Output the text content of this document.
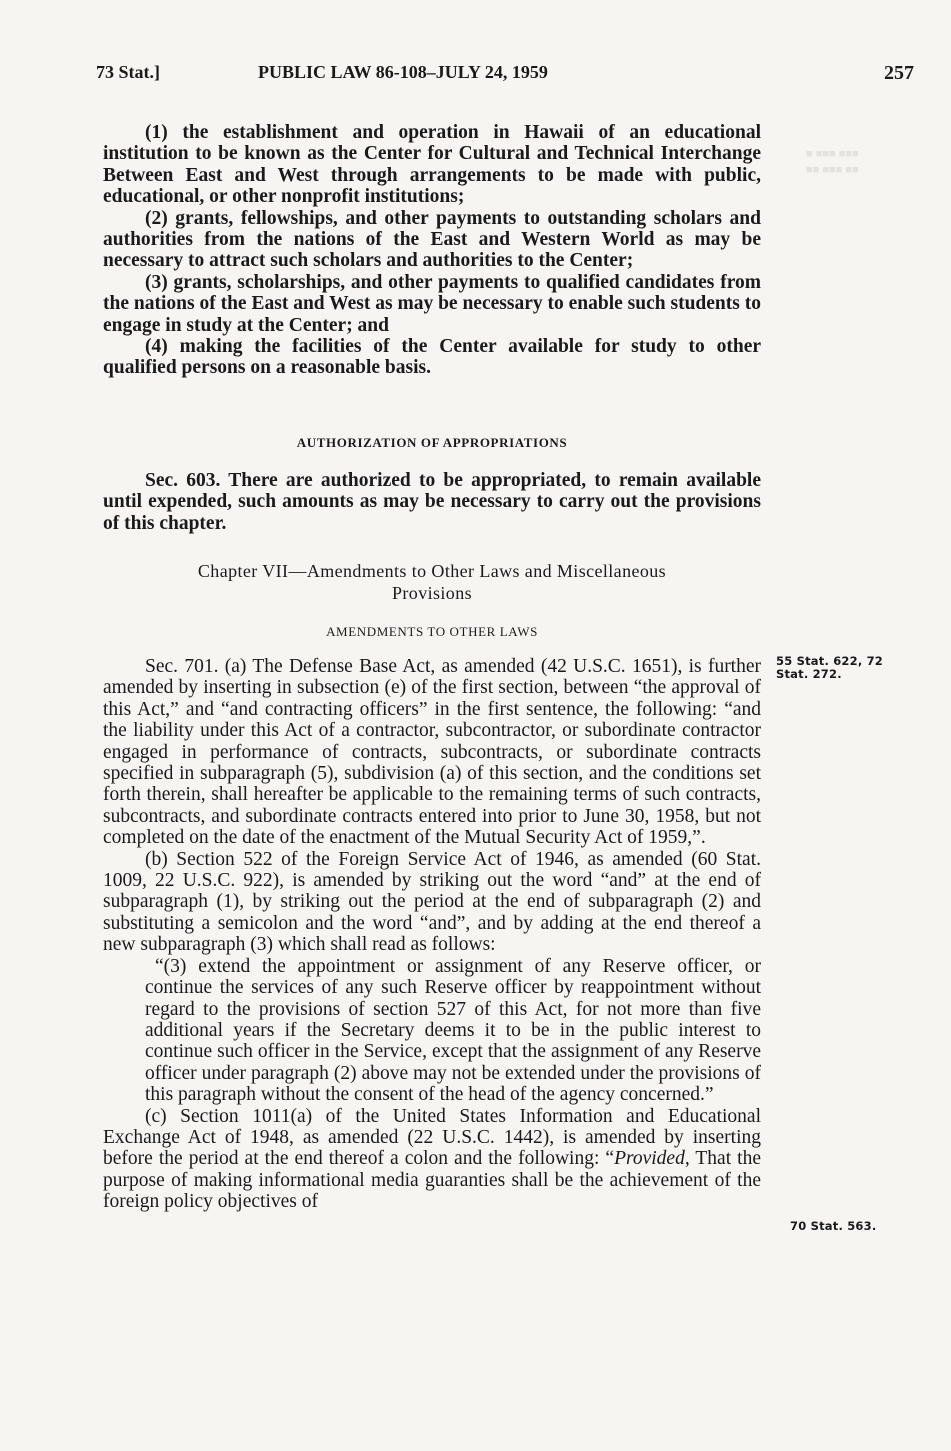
73 Stat.]	PUBLIC LAW 86-108–JULY 24, 1959	257
■ ■■■ ■■■
■■ ■■■ ■■

(1) the establishment and operation in Hawaii of an educational institution to be known as the Center for Cultural and Technical Interchange Between East and West through arrangements to be made with public, educational, or other nonprofit institutions;

(2) grants, fellowships, and other payments to outstanding scholars and authorities from the nations of the East and Western World as may be necessary to attract such scholars and authorities to the Center;

(3) grants, scholarships, and other payments to qualified candidates from the nations of the East and West as may be necessary to enable such students to engage in study at the Center; and

(4) making the facilities of the Center available for study to other qualified persons on a reasonable basis.

AUTHORIZATION OF APPROPRIATIONS

Sec. 603. There are authorized to be appropriated, to remain available until expended, such amounts as may be necessary to carry out the provisions of this chapter.

Chapter VII—Amendments to Other Laws and Miscellaneous
Provisions
AMENDMENTS TO OTHER LAWS
55 Stat. 622, 72
Stat. 272.

Sec. 701. (a) The Defense Base Act, as amended (42 U.S.C. 1651), is further amended by inserting in subsection (e) of the first section, between “the approval of this Act,” and “and contracting officers” in the first sentence, the following: “and the liability under this Act of a contractor, subcontractor, or subordinate contractor engaged in performance of contracts, subcontracts, or subordinate contracts specified in subparagraph (5), subdivision (a) of this section, and the conditions set forth therein, shall hereafter be applicable to the remaining terms of such contracts, subcontracts, and subordinate contracts entered into prior to June 30, 1958, but not completed on the date of the enactment of the Mutual Security Act of 1959,”.

(b) Section 522 of the Foreign Service Act of 1946, as amended (60 Stat. 1009, 22 U.S.C. 922), is amended by striking out the word “and” at the end of subparagraph (1), by striking out the period at the end of subparagraph (2) and substituting a semicolon and the word “and”, and by adding at the end thereof a new subparagraph (3) which shall read as follows:

“(3) extend the appointment or assignment of any Reserve officer, or continue the services of any such Reserve officer by reappointment without regard to the provisions of section 527 of this Act, for not more than five additional years if the Secretary deems it to be in the public interest to continue such officer in the Service, except that the assignment of any Reserve officer under paragraph (2) above may not be extended under the provisions of this paragraph without the consent of the head of the agency concerned.”

(c) Section 1011(a) of the United States Information and Educational Exchange Act of 1948, as amended (22 U.S.C. 1442), is amended by inserting before the period at the end thereof a colon and the following: “Provided, That the purpose of making informational media guaranties shall be the achievement of the foreign policy objectives of

70 Stat. 563.
